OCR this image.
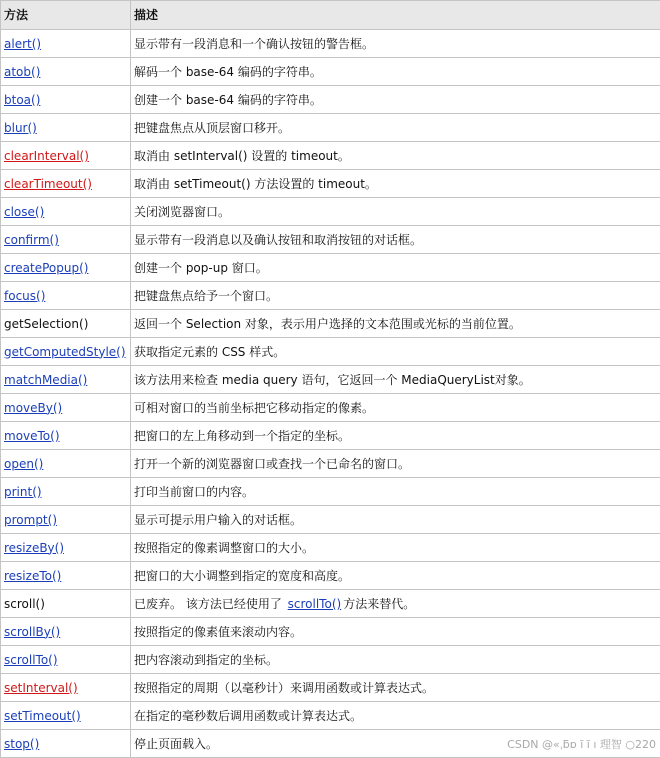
方法	描述
alert()	显示带有一段消息和一个确认按钮的警告框。
atob()	解码一个 base-64 编码的字符串。
btoa()	创建一个 base-64 编码的字符串。
blur()	把键盘焦点从顶层窗口移开。
clearInterval()	取消由 setInterval() 设置的 timeout。
clearTimeout()	取消由 setTimeout() 方法设置的 timeout。
close()	关闭浏览器窗口。
confirm()	显示带有一段消息以及确认按钮和取消按钮的对话框。
createPopup()	创建一个 pop-up 窗口。
focus()	把键盘焦点给予一个窗口。
getSelection()	返回一个 Selection 对象，表示用户选择的文本范围或光标的当前位置。
getComputedStyle()	获取指定元素的 CSS 样式。
matchMedia()	该方法用来检查 media query 语句，它返回一个 MediaQueryList对象。
moveBy()	可相对窗口的当前坐标把它移动指定的像素。
moveTo()	把窗口的左上角移动到一个指定的坐标。
open()	打开一个新的浏览器窗口或查找一个已命名的窗口。
print()	打印当前窗口的内容。
prompt()	显示可提示用户输入的对话框。
resizeBy()	按照指定的像素调整窗口的大小。
resizeTo()	把窗口的大小调整到指定的宽度和高度。
scroll()	已废弃。 该方法已经使用了 scrollTo() 方法来替代。
scrollBy()	按照指定的像素值来滚动内容。
scrollTo()	把内容滚动到指定的坐标。
setInterval()	按照指定的周期（以毫秒计）来调用函数或计算表达式。
setTimeout()	在指定的毫秒数后调用函数或计算表达式。
stop()	停止页面载入。	CSDN @«ˌƃɒ ĩ ĩ ı 理智 ○220
